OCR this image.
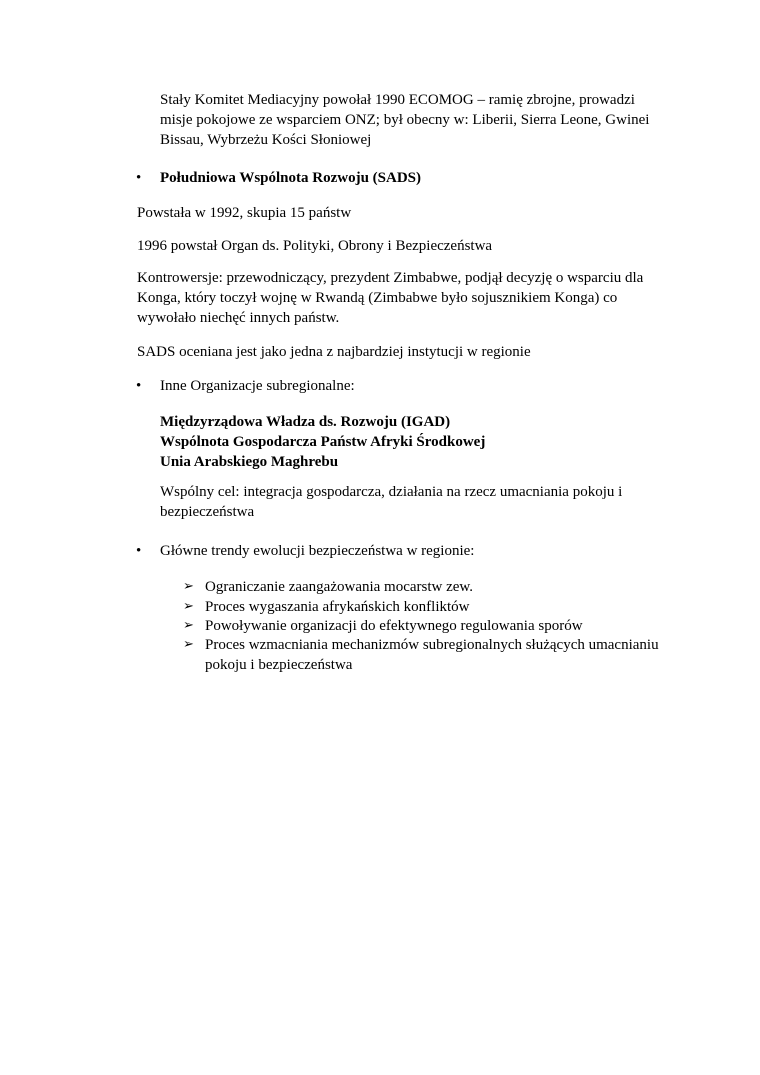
Stały Komitet Mediacyjny powołał 1990 ECOMOG – ramię zbrojne, prowadzi misje pokojowe ze wsparciem ONZ; był obecny w: Liberii, Sierra Leone, Gwinei Bissau, Wybrzeżu Kości Słoniowej

•	Południowa Wspólnota Rozwoju (SADS)

Powstała w 1992, skupia 15 państw

1996 powstał Organ ds. Polityki, Obrony i Bezpieczeństwa

Kontrowersje: przewodniczący, prezydent Zimbabwe, podjął decyzję o wsparciu dla Konga, który toczył wojnę w Rwandą (Zimbabwe było sojusznikiem Konga) co wywołało niechęć innych państw.

SADS oceniana jest jako jedna z najbardziej instytucji w regionie

•	Inne Organizacje subregionalne:
Międzyrządowa Władza ds. Rozwoju (IGAD)
Wspólnota Gospodarcza Państw Afryki Środkowej
Unia Arabskiego Maghrebu

Wspólny cel: integracja gospodarcza, działania na rzecz umacniania pokoju i bezpieczeństwa

•	Główne trendy ewolucji bezpieczeństwa w regionie:
➢ Ograniczanie zaangażowania mocarstw zew.
➢ Proces wygaszania afrykańskich konfliktów
➢ Powoływanie organizacji do efektywnego regulowania sporów
➢ Proces wzmacniania mechanizmów subregionalnych służących umacnianiu pokoju i bezpieczeństwa
